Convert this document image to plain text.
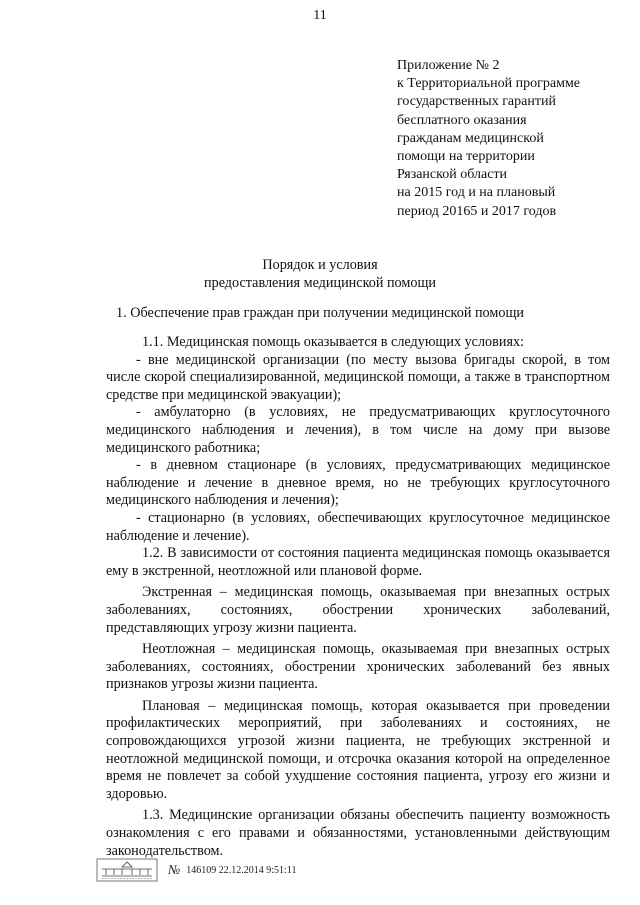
11
Приложение № 2
к Территориальной программе
государственных гарантий
бесплатного оказания
гражданам медицинской
помощи на территории
Рязанской области
на 2015 год и на плановый
период 20165 и 2017 годов
Порядок и условия
предоставления медицинской помощи
1. Обеспечение прав граждан при получении медицинской помощи

1.1. Медицинская помощь оказывается в следующих условиях:

- вне медицинской организации (по месту вызова бригады скорой, в том числе скорой специализированной, медицинской помощи, а также в транспортном средстве при медицинской эвакуации);

- амбулаторно (в условиях, не предусматривающих круглосуточного медицинского наблюдения и лечения), в том числе на дому при вызове медицинского работника;

- в дневном стационаре (в условиях, предусматривающих медицинское наблюдение и лечение в дневное время, но не требующих круглосуточного медицинского наблюдения и лечения);

- стационарно (в условиях, обеспечивающих круглосуточное медицинское наблюдение и лечение).

1.2. В зависимости от состояния пациента медицинская помощь оказывается ему в экстренной, неотложной или плановой форме.

Экстренная – медицинская помощь, оказываемая при внезапных острых заболеваниях, состояниях, обострении хронических заболеваний, представляющих угрозу жизни пациента.

Неотложная – медицинская помощь, оказываемая при внезапных острых заболеваниях, состояниях, обострении хронических заболеваний без явных признаков угрозы жизни пациента.

Плановая – медицинская помощь, которая оказывается при проведении профилактических мероприятий, при заболеваниях и состояниях, не сопровождающихся угрозой жизни пациента, не требующих экстренной и неотложной медицинской помощи, и отсрочка оказания которой на определенное время не повлечет за собой ухудшение состояния пациента, угрозу его жизни и здоровью.

1.3. Медицинские организации обязаны обеспечить пациенту возможность ознакомления с его правами и обязанностями, установленными действующим законодательством.

№ 146109 22.12.2014 9:51:11
